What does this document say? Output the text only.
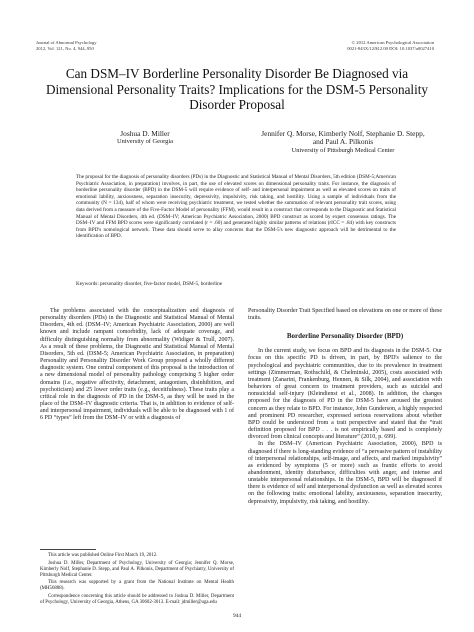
Journal of Abnormal Psychology
2012, Vol. 121, No. 4, 944–950
© 2012 American Psychological Association
0021-843X/12/$12.00 DOI: 10.1037/a0027410
Can DSM–IV Borderline Personality Disorder Be Diagnosed via Dimensional Personality Traits? Implications for the DSM-5 Personality Disorder Proposal
Joshua D. Miller
University of Georgia
Jennifer Q. Morse, Kimberly Nolf, Stephanie D. Stepp, and Paul A. Pilkonis
University of Pittsburgh Medical Center
The proposal for the diagnosis of personality disorders (PDs) in the Diagnostic and Statistical Manual of Mental Disorders, 5th edition (DSM-5;American Psychiatric Association, in preparation) involves, in part, the use of elevated scores on dimensional personality traits. For instance, the diagnosis of borderline personality disorder (BPD) in the DSM-5 will require evidence of self- and interpersonal impairment as well as elevated scores on traits of emotional lability, anxiousness, separation insecurity, depressivity, impulsivity, risk taking, and hostility. Using a sample of individuals from the community (N = 134), half of whom were receiving psychiatric treatment, we tested whether the summation of relevant personality trait scores, using data derived from a measure of the Five-Factor Model of personality (FFM), would result in a construct that corresponds to the Diagnostic and Statistical Manual of Mental Disorders, 4th ed. (DSM–IV; American Psychiatric Association, 2000) BPD construct as scored by expert consensus ratings. The DSM–IV and FFM BPD scores were significantly correlated (r = .60) and generated highly similar patterns of relations (rICC = .84) with key constructs from BPD's nomological network. These data should serve to allay concerns that the DSM-5's new diagnostic approach will be detrimental to the identification of BPD.
Keywords: personality disorder, five-factor model, DSM-5, borderline

The problems associated with the conceptualization and diagnosis of personality disorders (PDs) in the Diagnostic and Statistical Manual of Mental Disorders, 4th ed. (DSM–IV; American Psychiatric Association, 2000) are well known and include rampant comorbidity, lack of adequate coverage, and difficulty distinguishing normality from abnormality (Widiger & Trull, 2007). As a result of these problems, the Diagnostic and Statistical Manual of Mental Disorders, 5th ed. (DSM-5; American Psychiatric Association, in preparation) Personality and Personality Disorder Work Group proposed a wholly different diagnostic system. One central component of this proposal is the introduction of a new dimensional model of personality pathology comprising 5 higher order domains (i.e., negative affectivity, detachment, antagonism, disinhibition, and psychoticism) and 25 lower order traits (e.g., deceitfulness). These traits play a critical role in the diagnosis of PD in the DSM-5, as they will be used in the place of the DSM–IV diagnostic criteria. That is, in addition to evidence of self- and interpersonal impairment, individuals will be able to be diagnosed with 1 of 6 PD “types” left from the DSM–IV or with a diagnosis of

Personality Disorder Trait Specified based on elevations on one or more of these traits.

Borderline Personality Disorder (BPD)

In the current study, we focus on BPD and its diagnosis in the DSM-5. Our focus on this specific PD is driven, in part, by BPD's salience to the psychological and psychiatric communities, due to its prevalence in treatment settings (Zimmerman, Rothschild, & Chelminski, 2005), costs associated with treatment (Zanarini, Frankenburg, Hennen, & Silk, 2004), and association with behaviors of great concern to treatment providers, such as suicidal and nonsuicidal self-injury (Kleindienst et al., 2008). In addition, the changes proposed for the diagnosis of PD in the DSM-5 have aroused the greatest concern as they relate to BPD. For instance, John Gunderson, a highly respected and prominent PD researcher, expressed serious reservations about whether BPD could be understood from a trait perspective and stated that the “trait definition proposed for BPD . . . is not empirically based and is completely divorced from clinical concepts and literature” (2010, p. 699).

In the DSM–IV (American Psychiatric Association, 2000), BPD is diagnosed if there is long-standing evidence of “a pervasive pattern of instability of interpersonal relationships, self-image, and affects, and marked impulsivity” as evidenced by symptoms (5 or more) such as frantic efforts to avoid abandonment, identity disturbance, difficulties with anger, and intense and unstable interpersonal relationships. In the DSM-5, BPD will be diagnosed if there is evidence of self and interpersonal dysfunction as well as elevated scores on the following traits: emotional lability, anxiousness, separation insecurity, depressivity, impulsivity, risk taking, and hostility.

This article was published Online First March 19, 2012.

Joshua D. Miller, Department of Psychology, University of Georgia; Jennifer Q. Morse, Kimberly Nolf, Stephanie D. Stepp, and Paul A. Pilkonis, Department of Psychiatry, University of Pittsburgh Medical Center.

This research was supported by a grant from the National Institute on Mental Health (MH56888).

Correspondence concerning this article should be addressed to Joshua D. Miller, Department of Psychology, University of Georgia, Athens, GA 30602-3013. E-mail: jdmiller@uga.edu

944
